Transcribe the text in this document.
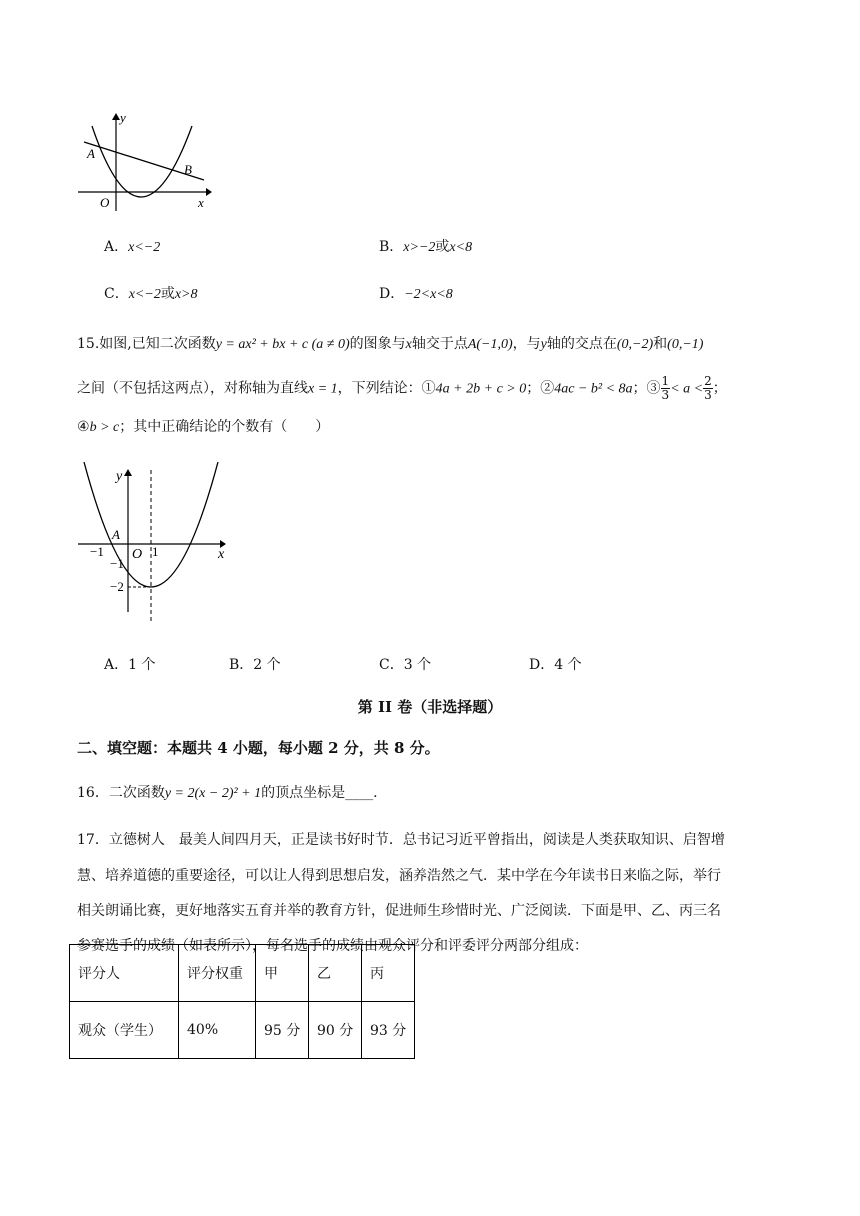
y
x
O
A
B
A．x<−2	B．x>−2或x<8
C．x<−2或x>8	D．−2<x<8
15.如图,已知二次函数y = ax² + bx + c (a ≠ 0)的图象与x轴交于点A(−1,0)，与y轴的交点在(0,−2)和(0,−1)
之间（不包括这两点），对称轴为直线x = 1，下列结论：①4a + 2b + c > 0；②4ac − b² < 8a；③ $\frac{1}{3} < a < \frac{2}{3}$ ；
④b > c；其中正确结论的个数有（　　）
y
x
A
O
−1	1
−1
−2
A．1 个	B．2 个	C．3 个	D．4 个
第 II 卷（非选择题）
二、填空题：本题共 4 小题，每小题 2 分，共 8 分。
16．二次函数y = 2(x − 2)² + 1的顶点坐标是____.
17．立德树人　最美人间四月天，正是读书好时节．总书记习近平曾指出，阅读是人类获取知识、启智增
慧、培养道德的重要途径，可以让人得到思想启发，涵养浩然之气．某中学在今年读书日来临之际，举行
相关朗诵比赛，更好地落实五育并举的教育方针，促进师生珍惜时光、广泛阅读．下面是甲、乙、丙三名
参赛选手的成绩（如表所示），每名选手的成绩由观众评分和评委评分两部分组成：
评分人	评分权重	甲	乙	丙
观众（学生）	40%	95 分	90 分	93 分
